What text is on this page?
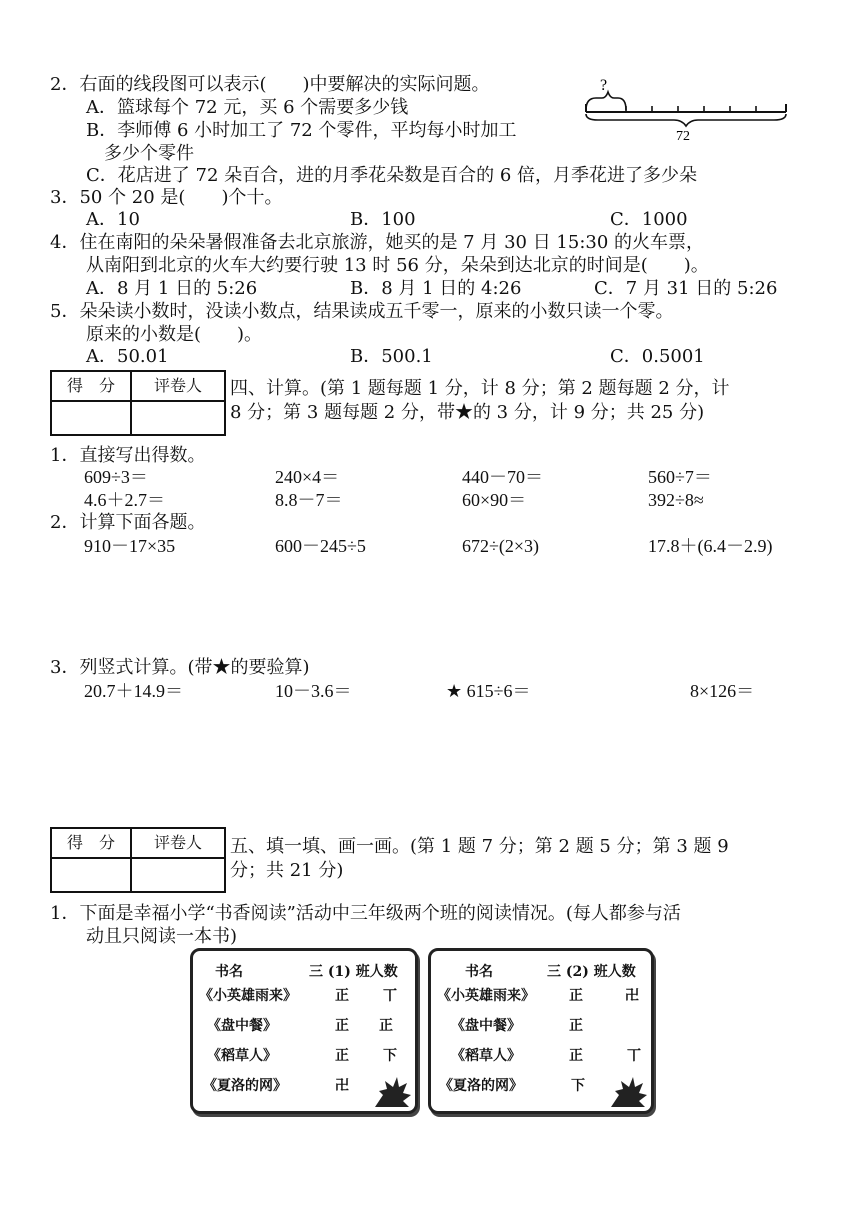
2．右面的线段图可以表示(　　)中要解决的实际问题。
A．篮球每个 72 元，买 6 个需要多少钱
B．李师傅 6 小时加工了 72 个零件，平均每小时加工
多少个零件
C．花店进了 72 朵百合，进的月季花朵数是百合的 6 倍，月季花进了多少朵
?
72
3．50 个 20 是(　　)个十。
A．10	B．100	C．1000
4．住在南阳的朵朵暑假准备去北京旅游，她买的是 7 月 30 日 15:30 的火车票，
从南阳到北京的火车大约要行驶 13 时 56 分，朵朵到达北京的时间是(　　)。
A．8 月 1 日的 5:26	B．8 月 1 日的 4:26	C．7 月 31 日的 5:26
5．朵朵读小数时，没读小数点，结果读成五千零一，原来的小数只读一个零。
原来的小数是(　　)。
A．50.01	B．500.1	C．0.5001
得　分	评卷人	四、计算。(第 1 题每题 1 分，计 8 分；第 2 题每题 2 分，计
8 分；第 3 题每题 2 分，带★的 3 分，计 9 分；共 25 分)
1．直接写出得数。
609÷3＝	240×4＝	440－70＝	560÷7＝
4.6＋2.7＝	8.8－7＝	60×90＝	392÷8≈
2．计算下面各题。
910－17×35	600－245÷5	672÷(2×3)	17.8＋(6.4－2.9)
3．列竖式计算。(带★的要验算)
20.7＋14.9＝	10－3.6＝	★ 615÷6＝	8×126＝
得　分	评卷人	五、填一填、画一画。(第 1 题 7 分；第 2 题 5 分；第 3 题 9
分；共 21 分)
1．下面是幸福小学“书香阅读”活动中三年级两个班的阅读情况。(每人都参与活
动且只阅读一本书)
书名	三 (1) 班人数
《小英雄雨来》	正 丅
《盘中餐》	正 正
《稻草人》	正 下
《夏洛的网》	卍
书名	三 (2) 班人数
《小英雄雨来》 正	卍
《盘中餐》	正
《稻草人》	正	丅
《夏洛的网》	下
